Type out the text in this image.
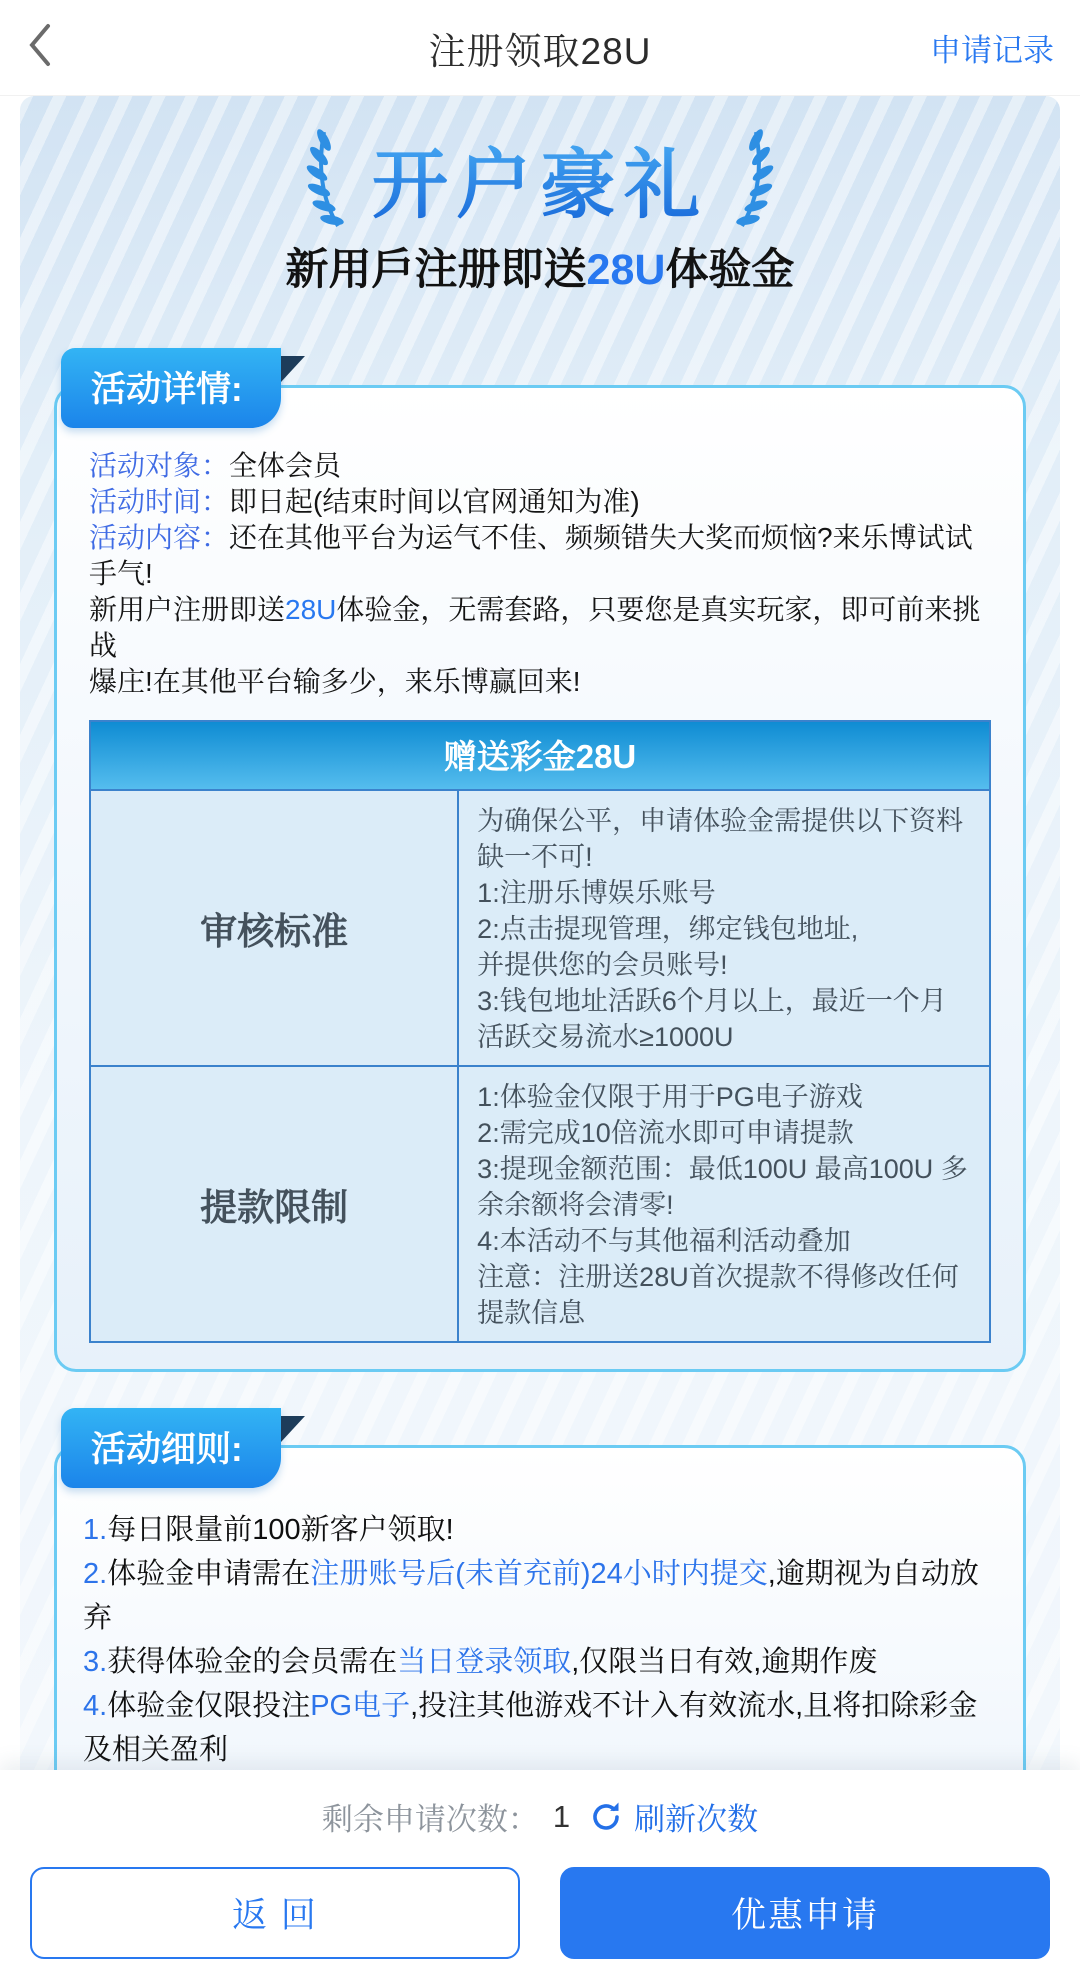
注册领取28U	申请记录
开户豪礼
新用戶注册即送28U体验金
活动详情:

活动对象：全体会员

活动时间：即日起(结束时间以官网通知为准)

活动内容：还在其他平台为运气不佳、频频错失大奖而烦恼?来乐博试试手气!

新用户注册即送28U体验金，无需套路，只要您是真实玩家，即可前来挑战

爆庄!在其他平台输多少，来乐博赢回来!

赠送彩金28U
审核标准
为确保公平，申请体验金需提供以下资料缺一不可!
1:注册乐博娱乐账号
2:点击提现管理，绑定钱包地址,
并提供您的会员账号!
3:钱包地址活跃6个月以上，最近一个月活跃交易流水≥1000U
提款限制
1:体验金仅限于用于PG电子游戏
2:需完成10倍流水即可申请提款
3:提现金额范围：最低100U 最高100U 多余余额将会清零!
4:本活动不与其他福利活动叠加
注意：注册送28U首次提款不得修改任何提款信息
活动细则:
1.每日限量前100新客户领取!
2.体验金申请需在注册账号后(未首充前)24小时内提交,逾期视为自动放弃
3.获得体验金的会员需在当日登录领取,仅限当日有效,逾期作废
4.体验金仅限投注PG电子,投注其他游戏不计入有效流水,且将扣除彩金及相关盈利
剩余申请次数： 1 刷新次数
返 回	优惠申请
